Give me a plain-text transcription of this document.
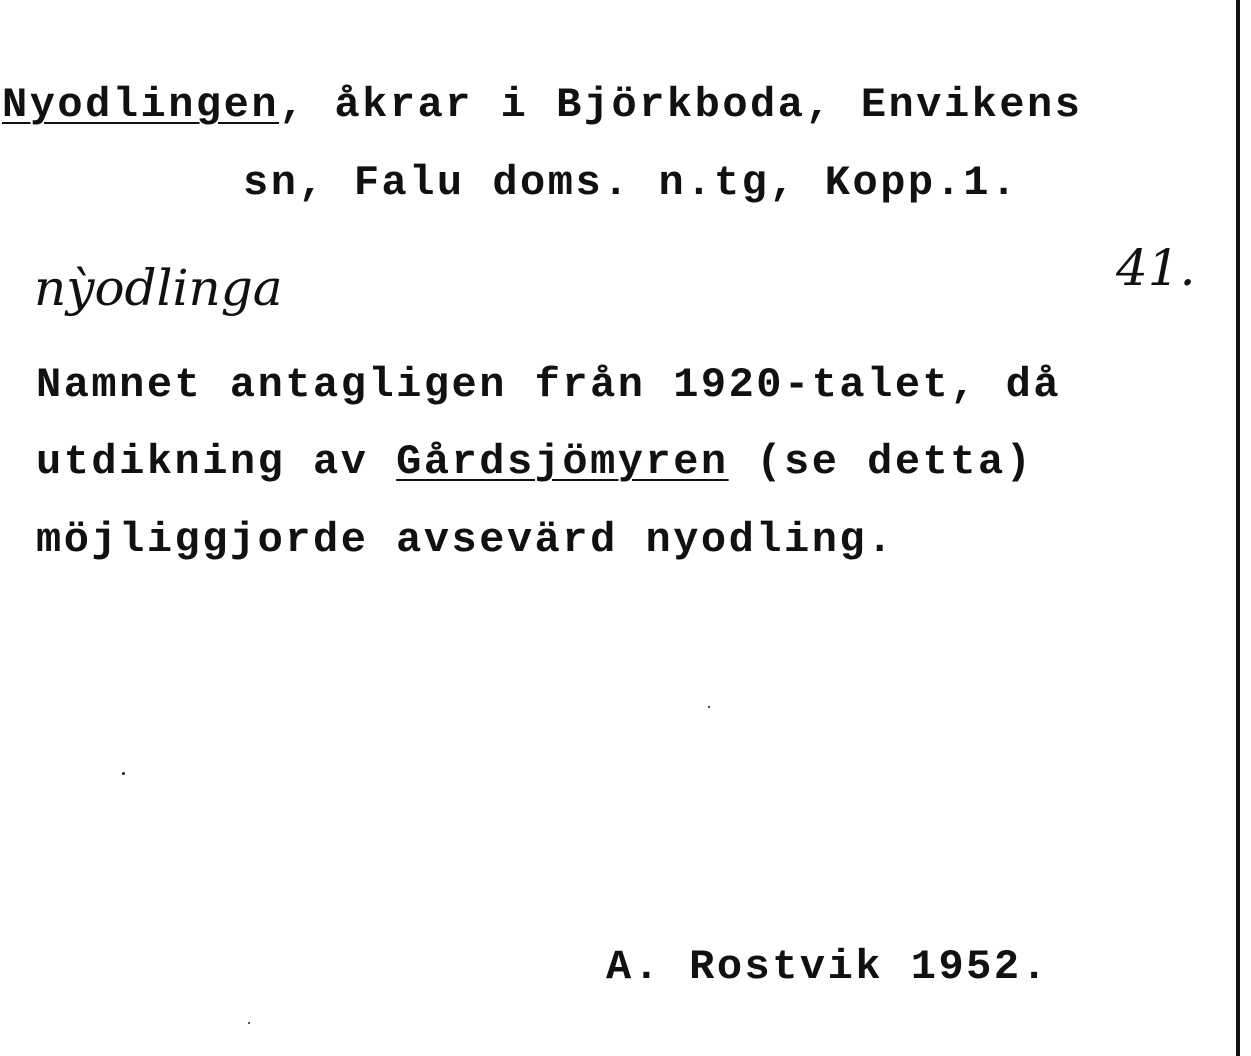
Nyodlingen, åkrar i Björkboda, Envikens
sn, Falu doms. n.tg, Kopp.1.
nỳodlinga	41.
Namnet antagligen från 1920-talet, då
utdikning av Gårdsjömyren (se detta)
möjliggjorde avsevärd nyodling.
A. Rostvik 1952.
